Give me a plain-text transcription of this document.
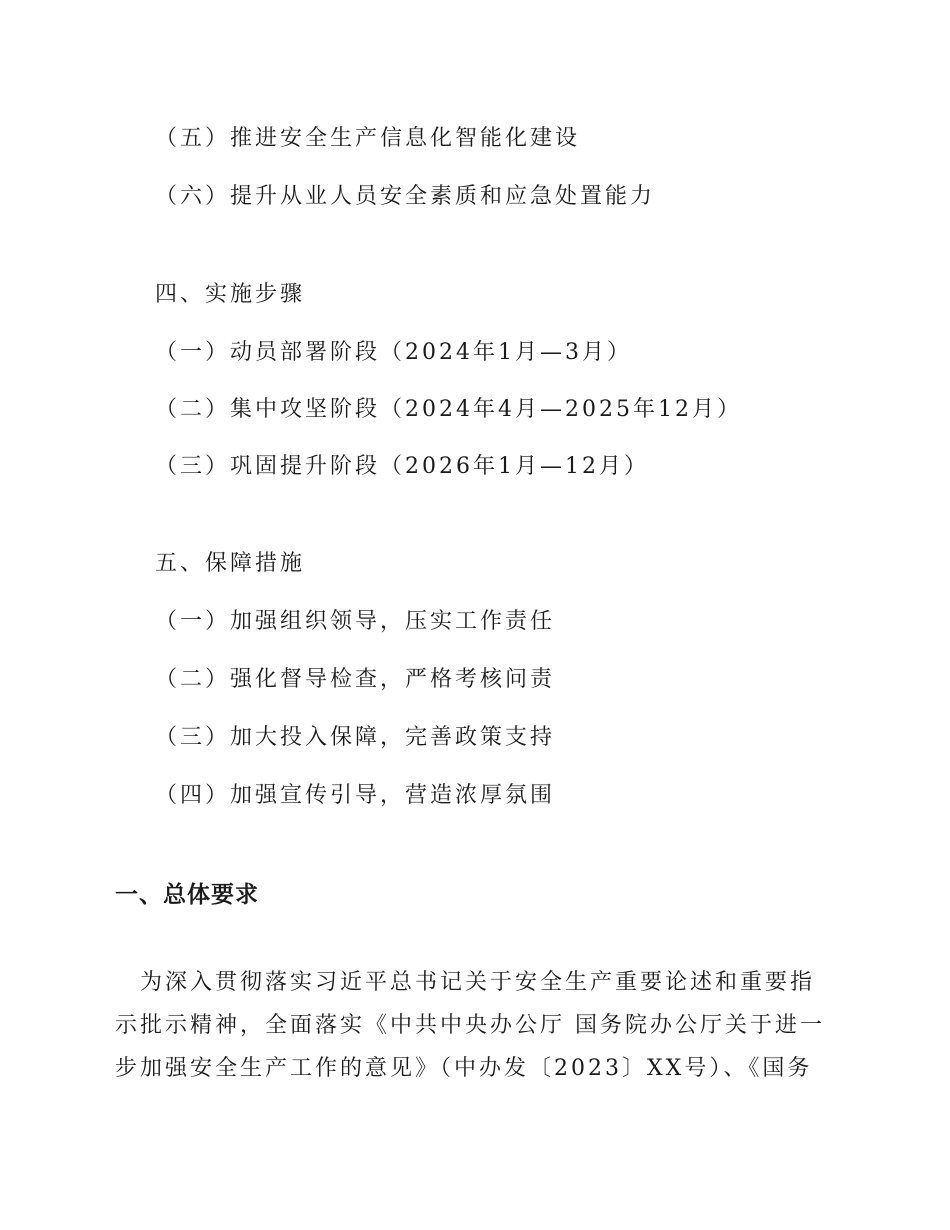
（五）推进安全生产信息化智能化建设
（六）提升从业人员安全素质和应急处置能力
四、实施步骤
（一）动员部署阶段（2024年1月—3月）
（二）集中攻坚阶段（2024年4月—2025年12月）
（三）巩固提升阶段（2026年1月—12月）
五、保障措施
（一）加强组织领导，压实工作责任
（二）强化督导检查，严格考核问责
（三）加大投入保障，完善政策支持
（四）加强宣传引导，营造浓厚氛围
一、总体要求
　为深入贯彻落实习近平总书记关于安全生产重要论述和重要指
示批示精神，全面落实《中共中央办公厅 国务院办公厅关于进一
步加强安全生产工作的意见》（中办发〔2023〕XX号）、《国务
